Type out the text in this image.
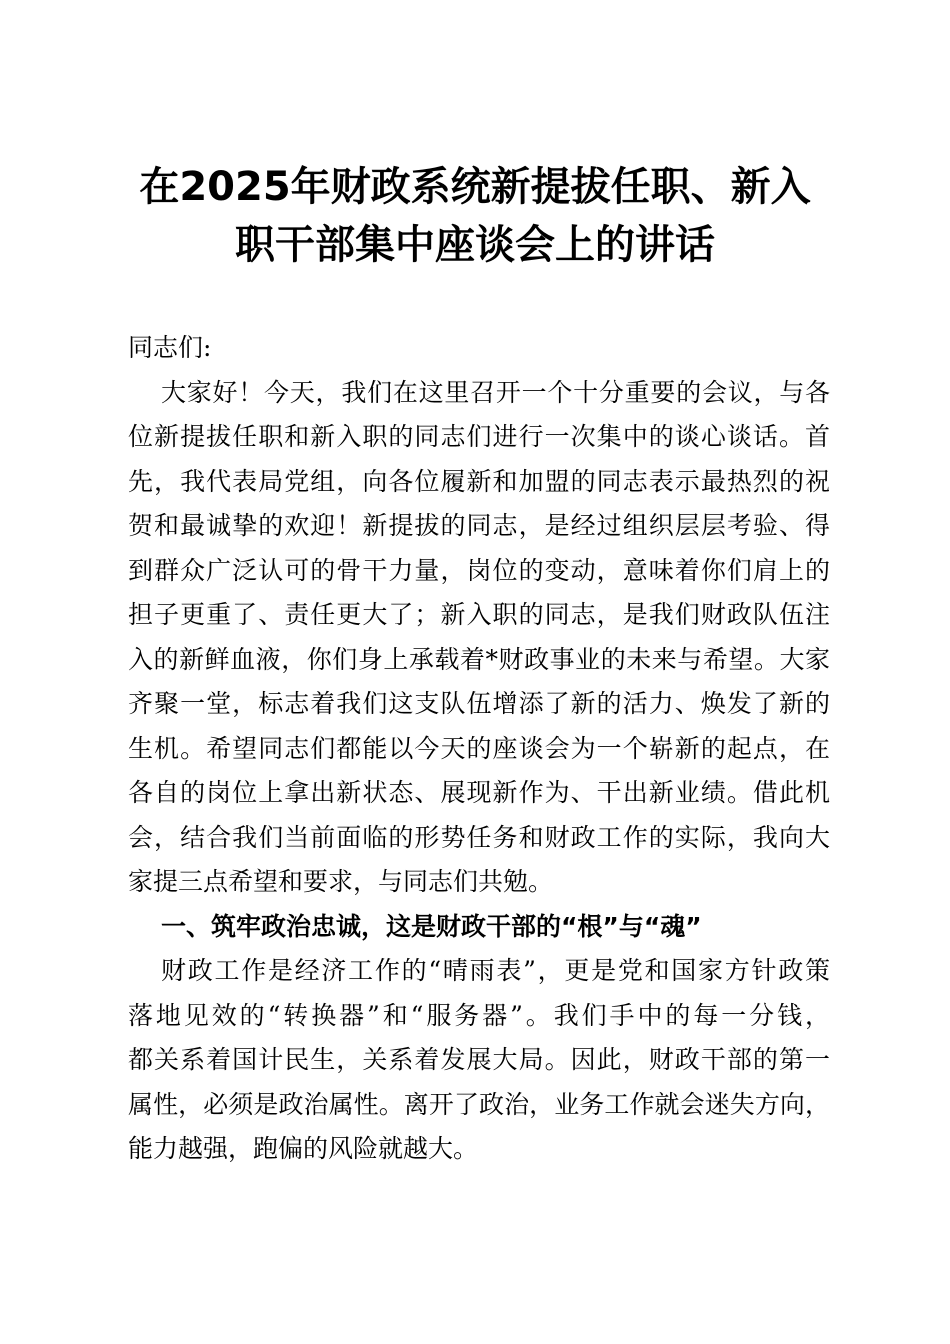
在2025年财政系统新提拔任职、新入
职干部集中座谈会上的讲话
同志们:
大家好！今天，我们在这里召开一个十分重要的会议，与各
位新提拔任职和新入职的同志们进行一次集中的谈心谈话。首
先，我代表局党组，向各位履新和加盟的同志表示最热烈的祝
贺和最诚挚的欢迎！新提拔的同志，是经过组织层层考验、得
到群众广泛认可的骨干力量，岗位的变动，意味着你们肩上的
担子更重了、责任更大了；新入职的同志，是我们财政队伍注
入的新鲜血液，你们身上承载着*财政事业的未来与希望。大家
齐聚一堂，标志着我们这支队伍增添了新的活力、焕发了新的
生机。希望同志们都能以今天的座谈会为一个崭新的起点，在
各自的岗位上拿出新状态、展现新作为、干出新业绩。借此机
会，结合我们当前面临的形势任务和财政工作的实际，我向大
家提三点希望和要求，与同志们共勉。
一、筑牢政治忠诚，这是财政干部的“根”与“魂”
财政工作是经济工作的“晴雨表”，更是党和国家方针政策
落地见效的“转换器”和“服务器”。我们手中的每一分钱，
都关系着国计民生，关系着发展大局。因此，财政干部的第一
属性，必须是政治属性。离开了政治，业务工作就会迷失方向，
能力越强，跑偏的风险就越大。
